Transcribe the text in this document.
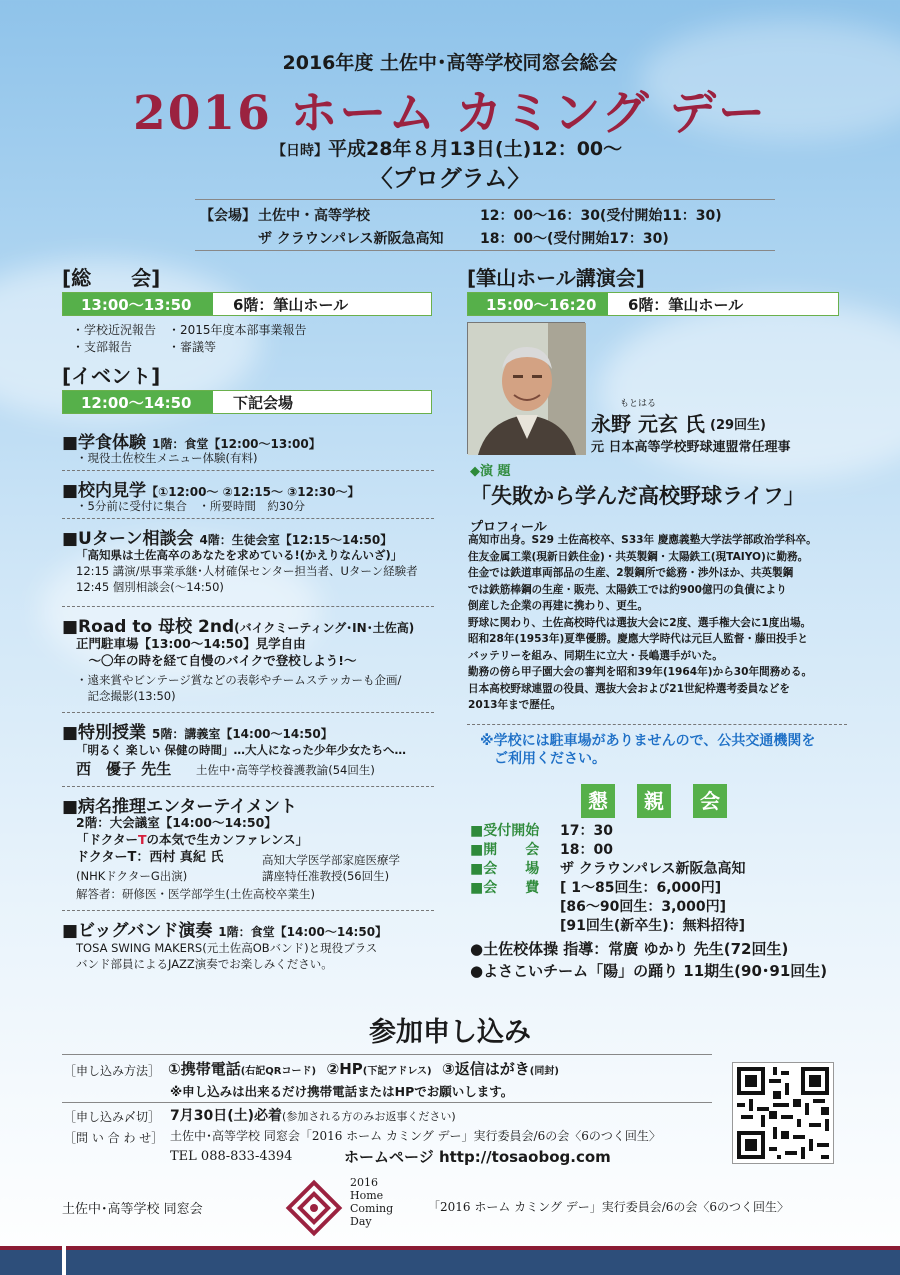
2016年度 土佐中･高等学校同窓会総会
2016 ホーム カミング デー
【日時】平成28年８月13日(土)12：00〜
〈プログラム〉
【会場】 土佐中・高等学校	12：00〜16：30(受付開始11：30)
ザ クラウンパレス新阪急高知	18：00〜(受付開始17：30)
[総　　会]
13:00〜13:50	6階：筆山ホール
・学校近況報告　・2015年度本部事業報告
・支部報告　　　・審議等
[イベント]
12:00〜14:50	下記会場
■学食体験 1階：食堂【12:00〜13:00】
・現役土佐校生メニュー体験(有料)
■校内見学【①12:00〜 ②12:15〜 ③12:30〜】
・5分前に受付に集合　・所要時間　約30分
■Uターン相談会 4階：生徒会室【12:15〜14:50】
「高知県は土佐高卒のあなたを求めている!(かえりなんいざ)」
12:15 講演/県事業承継･人材確保センター担当者、Uターン経験者
12:45 個別相談会(〜14:50)
■Road to 母校 2nd(バイクミーティング･IN･土佐高)
正門駐車場【13:00〜14:50】見学自由
　〜〇年の時を経て自慢のバイクで登校しよう!〜
・遠来賞やビンテージ賞などの表彰やチームステッカーも企画/
　記念撮影(13:50)
■特別授業 5階：講義室【14:00〜14:50】
「明るく 楽しい 保健の時間」…大人になった少年少女たちへ…
西　優子 先生 土佐中･高等学校養護教諭(54回生)
■病名推理エンターテイメント
2階：大会議室【14:00〜14:50】
「ドクターTの本気で生カンファレンス」
ドクターT：西村 真紀 氏	高知大学医学部家庭医療学
(NHKドクターG出演)	講座特任准教授(56回生)
解答者：研修医・医学部学生(土佐高校卒業生)
■ビッグバンド演奏 1階：食堂【14:00〜14:50】
TOSA SWING MAKERS(元土佐高OBバンド)と現役ブラス
バンド部員によるJAZZ演奏でお楽しみください。
[筆山ホール講演会]
15:00〜16:20	6階：筆山ホール
もとはる
永野 元玄 氏 (29回生)
元 日本高等学校野球連盟常任理事
◆演 題
「失敗から学んだ高校野球ライフ」
プロフィール
高知市出身。S29 土佐高校卒、S33年 慶應義塾大学法学部政治学科卒。
住友金属工業(現新日鉄住金)・共英製鋼・太陽鉄工(現TAIYO)に勤務。
住金では鉄道車両部品の生産、2製鋼所で総務・渉外ほか、共英製鋼
では鉄筋棒鋼の生産・販売、太陽鉄工では約900億円の負債により
倒産した企業の再建に携わり、更生。
野球に関わり、土佐高校時代は選抜大会に2度、選手権大会に1度出場。
昭和28年(1953年)夏準優勝。慶應大学時代は元巨人監督・藤田投手と
バッテリーを組み、同期生に立大・長嶋選手がいた。
勤務の傍ら甲子園大会の審判を昭和39年(1964年)から30年間務める。
日本高校野球連盟の役員、選抜大会および21世紀枠選考委員などを
2013年まで歴任。
※学校には駐車場がありませんので、公共交通機関を
ご利用ください。
懇 親 会
■受付開始	17：30
■開　　会	18：00
■会　　場	ザ クラウンパレス新阪急高知
■会　　費	[ 1〜85回生：6,000円]
[86〜90回生：3,000円]
[91回生(新卒生)：無料招待]
●土佐校体操 指導：常廣 ゆかり 先生(72回生)
●よさこいチーム「陽」の踊り 11期生(90･91回生)
参加申し込み
［申し込み方法］ ①携帯電話(右記QRコード) ②HP(下記アドレス) ③返信はがき(同封)
※申し込みは出来るだけ携帯電話またはHPでお願いします。
［申し込み〆切］ 7月30日(土)必着(参加される方のみお返事ください)
［問 い 合 わ せ］ 土佐中･高等学校 同窓会「2016 ホーム カミング デー」実行委員会/6の会〈6のつく回生〉
TEL 088-833-4394	ホームページ http://tosaobog.com
土佐中･高等学校 同窓会
2016
Home
Coming
Day
「2016 ホーム カミング デー」実行委員会/6の会〈6のつく回生〉
